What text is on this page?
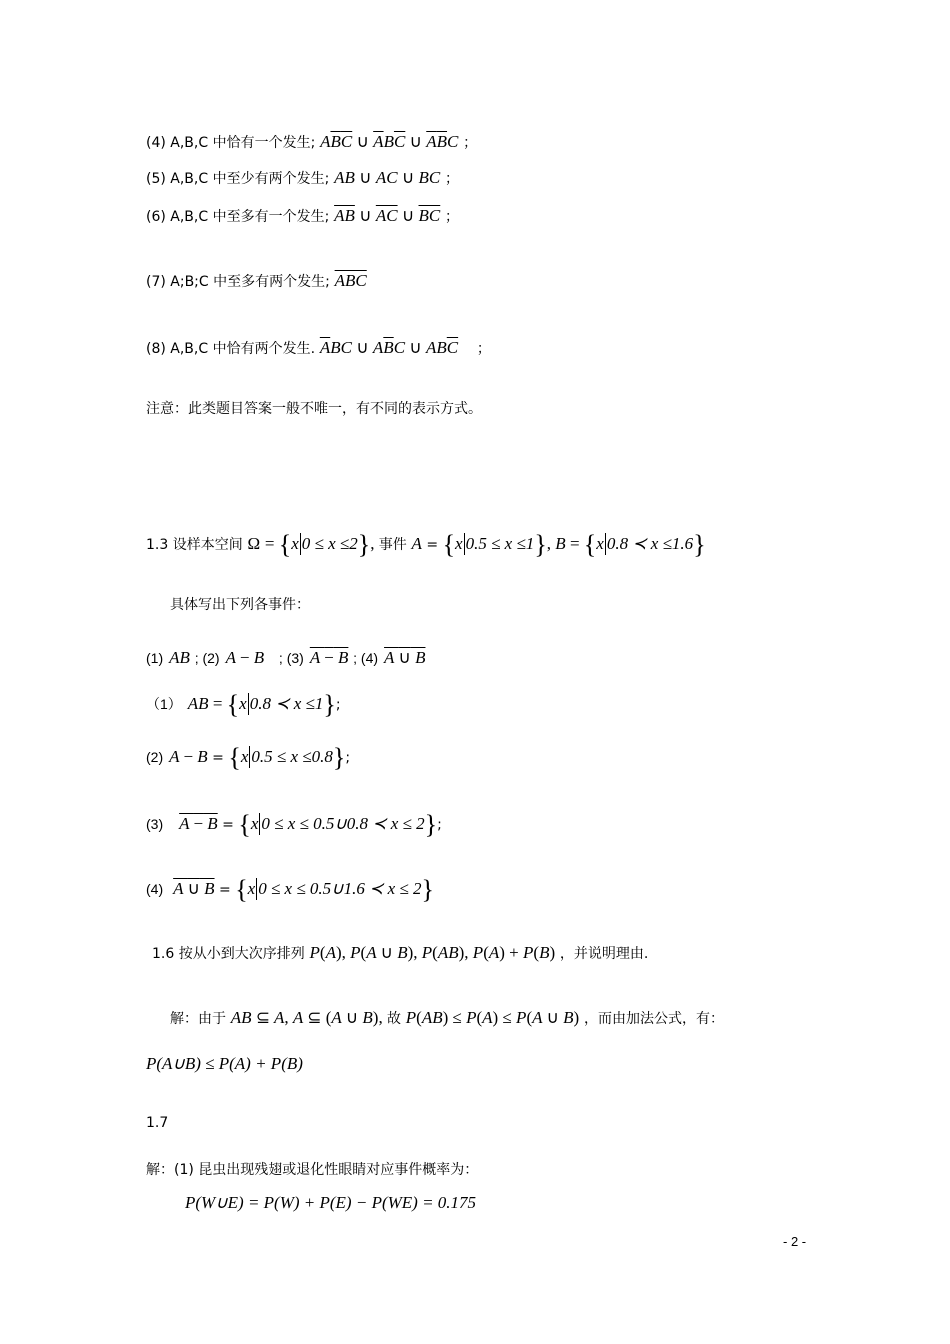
(4) A,B,C 中恰有一个发生; $A\overline{B}\overline{C}$ ∪ $\overline{A}B\overline{C}$ ∪ $\overline{A}\overline{B}C$ ；
(5) A,B,C 中至少有两个发生; AB ∪ AC ∪ BC ；
(6) A,B,C 中至多有一个发生; $\overline{AB}$ ∪ $\overline{AC}$ ∪ $\overline{BC}$ ；
(7) A;B;C 中至多有两个发生; $\overline{ABC}$
(8) A,B,C 中恰有两个发生. $\overline{A}BC$ ∪ $A\overline{B}C$ ∪ $AB\overline{C}$ ；
注意：此类题目答案一般不唯一，有不同的表示方式。
1.3 设样本空间 Ω = {x 0 ≤ x ≤2}, 事件 A = {x 0.5 ≤ x ≤1}, B = {x 0.8 ≺ x ≤1.6}
具体写出下列各事件：
(1) AB ; (2) A − B ; (3) A − B ; (4) A ∪ B
（1） AB = {x 0.8 ≺ x ≤1};
(2) A − B = {x 0.5 ≤ x ≤0.8};
(3) A − B = {x 0 ≤ x ≤ 0.5∪0.8 ≺ x ≤ 2};
(4) A ∪ B = {x 0 ≤ x ≤ 0.5∪1.6 ≺ x ≤ 2}
1.6 按从小到大次序排列 P(A), P(A ∪ B), P(AB), P(A) + P(B) ，并说明理由.
解：由于 AB ⊆ A, A ⊆ (A ∪ B), 故 P(AB) ≤ P(A) ≤ P(A ∪ B) ，而由加法公式，有：
P(A∪B) ≤ P(A) + P(B)
1.7
解：(1) 昆虫出现残翅或退化性眼睛对应事件概率为：
P(W∪E) = P(W) + P(E) − P(WE) = 0.175
- 2 -
